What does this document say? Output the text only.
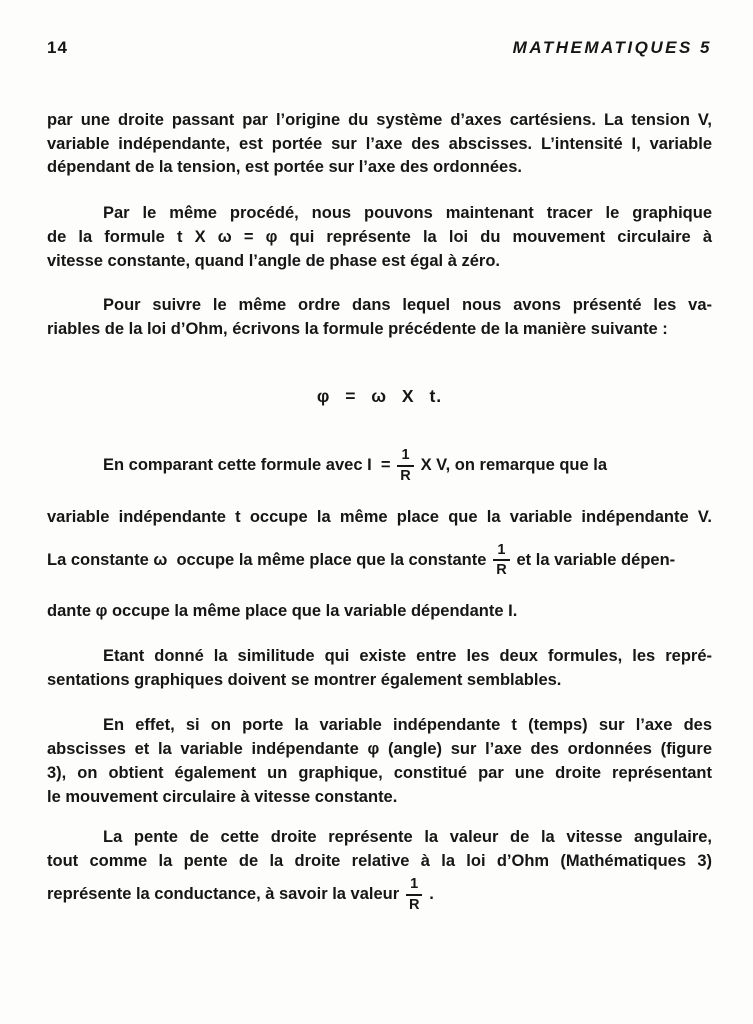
14	MATHEMATIQUES 5
par une droite passant par l’origine du système d’axes cartésiens. La tension V,
variable indépendante, est portée sur l’axe des abscisses. L’intensité I, variable
dépendant de la tension, est portée sur l’axe des ordonnées.
Par le même procédé, nous pouvons maintenant tracer le graphique
de la formule t X ω = φ qui représente la loi du mouvement circulaire à
vitesse constante, quand l’angle de phase est égal à zéro.
Pour suivre le même ordre dans lequel nous avons présenté les va-
riables de la loi d’Ohm, écrivons la formule précédente de la manière suivante :
φ = ω X t.
En comparant cette formule avec $I = \frac{1}{R}$ X V, on remarque que la
variable indépendante t occupe la même place que la variable indépendante V.
La constante ω  occupe la même place que la constante $\frac{1}{R}$ et la variable dépen-
dante φ occupe la même place que la variable dépendante I.
Etant donné la similitude qui existe entre les deux formules, les repré-
sentations graphiques doivent se montrer également semblables.
En effet, si on porte la variable indépendante t (temps) sur l’axe des
abscisses et la variable indépendante φ (angle) sur l’axe des ordonnées (figure
3), on obtient également un graphique, constitué par une droite représentant
le mouvement circulaire à vitesse constante.
La pente de cette droite représente la valeur de la vitesse angulaire,
tout comme la pente de la droite relative à la loi d’Ohm (Mathématiques 3)
représente la conductance, à savoir la valeur $\frac{1}{R}$ .
